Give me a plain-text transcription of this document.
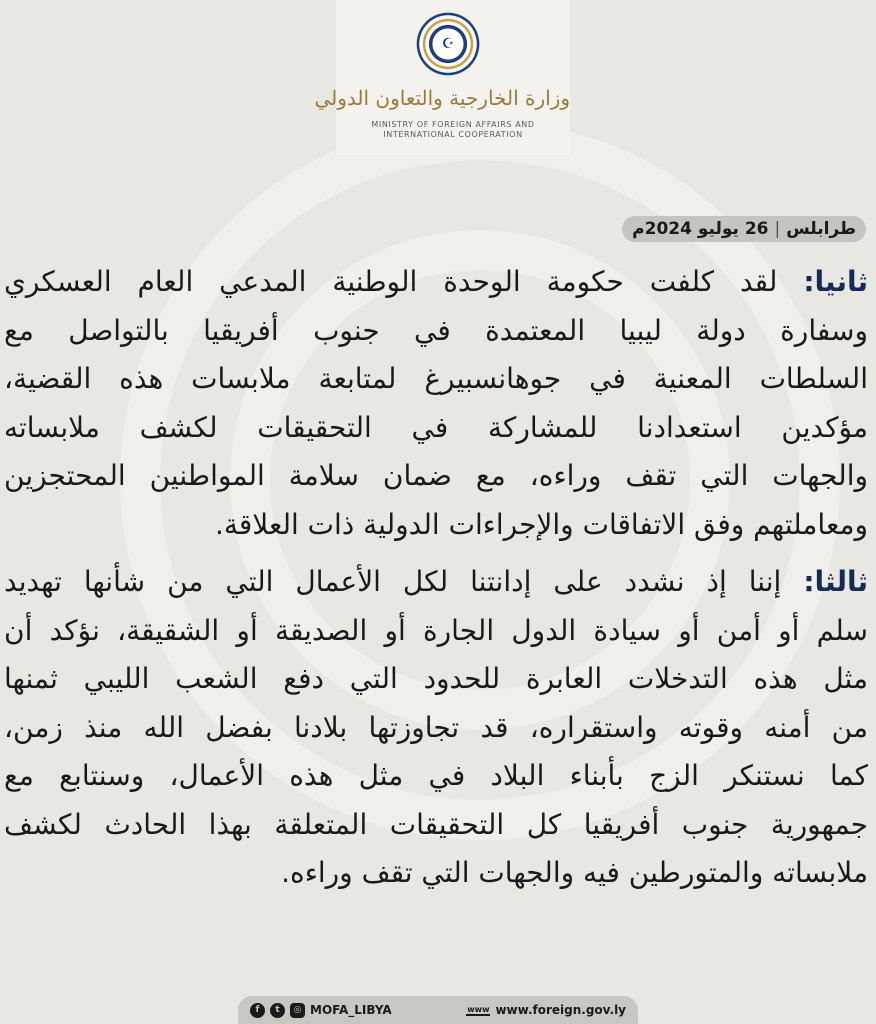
☪
وزارة الخارجية والتعاون الدولي
MINISTRY OF FOREIGN AFFAIRS AND
INTERNATIONAL COOPERATION
طرابلس
|
26 يوليو 2024م
ثانيا: لقد كلفت حكومة الوحدة الوطنية المدعي العام العسكري
وسفارة دولة ليبيا المعتمدة في جنوب أفريقيا بالتواصل مع
السلطات المعنية في جوهانسبيرغ لمتابعة ملابسات هذه القضية،
مؤكدين استعدادنا للمشاركة في التحقيقات لكشف ملابساته
والجهات التي تقف وراءه، مع ضمان سلامة المواطنين المحتجزين
ومعاملتهم وفق الاتفاقات والإجراءات الدولية ذات العلاقة.
ثالثا: إننا إذ نشدد على إدانتنا لكل الأعمال التي من شأنها تهديد
سلم أو أمن أو سيادة الدول الجارة أو الصديقة أو الشقيقة، نؤكد أن
مثل هذه التدخلات العابرة للحدود التي دفع الشعب الليبي ثمنها
من أمنه وقوته واستقراره، قد تجاوزتها بلادنا بفضل الله منذ زمن،
كما نستنكر الزج بأبناء البلاد في مثل هذه الأعمال، وسنتابع مع
جمهورية جنوب أفريقيا كل التحقيقات المتعلقة بهذا الحادث لكشف
ملابساته والمتورطين فيه والجهات التي تقف وراءه.
f	t	◎ MOFA_LIBYA	www www.foreign.gov.ly
